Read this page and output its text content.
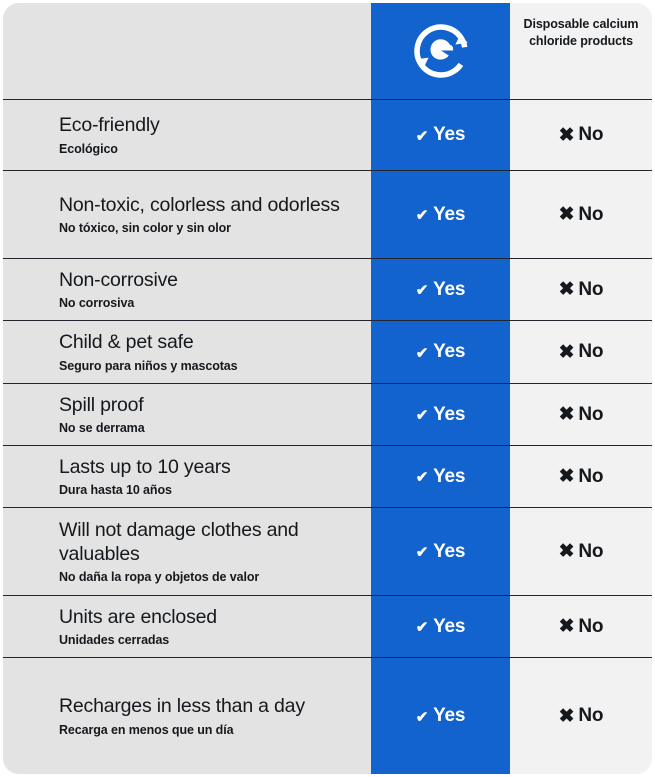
Disposable calcium chloride products
Eco-friendly
Ecológico
✔ Yes	✖ No
Non-toxic, colorless and odorless
No tóxico, sin color y sin olor
✔ Yes	✖ No
Non-corrosive
No corrosiva
✔ Yes	✖ No
Child & pet safe
Seguro para niños y mascotas
✔ Yes	✖ No
Spill proof
No se derrama
✔ Yes	✖ No
Lasts up to 10 years
Dura hasta 10 años
✔ Yes	✖ No
Will not damage clothes and valuables
No daña la ropa y objetos de valor
✔ Yes	✖ No
Units are enclosed
Unidades cerradas
✔ Yes	✖ No
Recharges in less than a day
Recarga en menos que un día
✔ Yes	✖ No
